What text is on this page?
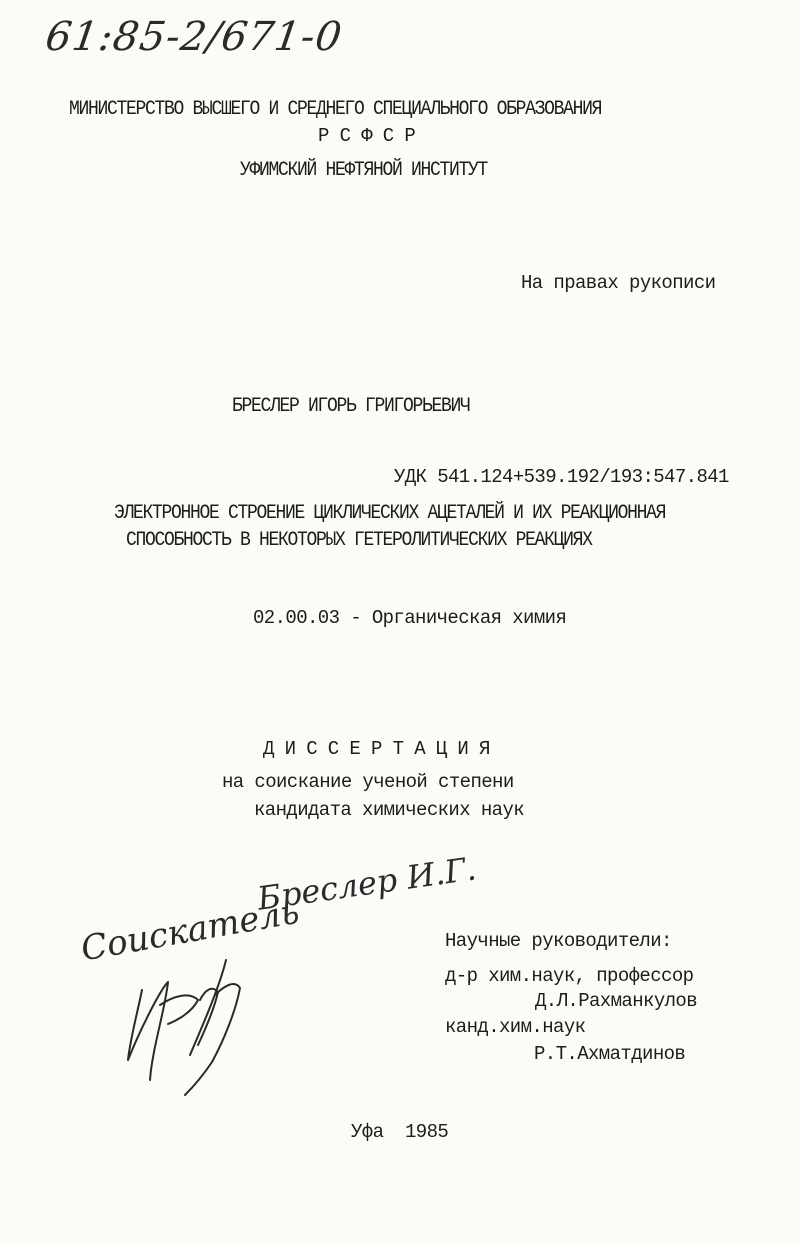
61:85-2/671-0
МИНИСТЕРСТВО ВЫСШЕГО И СРЕДНЕГО СПЕЦИАЛЬНОГО ОБРАЗОВАНИЯ
Р С Ф С Р
УФИМСКИЙ НЕФТЯНОЙ ИНСТИТУТ
На правах рукописи
БРЕСЛЕР ИГОРЬ ГРИГОРЬЕВИЧ
УДК 541.124+539.192/193:547.841
ЭЛЕКТРОННОЕ СТРОЕНИЕ ЦИКЛИЧЕСКИХ АЦЕТАЛЕЙ И ИХ РЕАКЦИОННАЯ
СПОСОБНОСТЬ В НЕКОТОРЫХ ГЕТЕРОЛИТИЧЕСКИХ РЕАКЦИЯХ
02.00.03 - Органическая химия
Д И С С Е Р Т А Ц И Я
на соискание ученой степени
кандидата химических наук
Бреслер И.Г.
Соискатель	Научные руководители:
д-р хим.наук, профессор
Д.Л.Рахманкулов
канд.хим.наук
Р.Т.Ахматдинов
Уфа  1985
